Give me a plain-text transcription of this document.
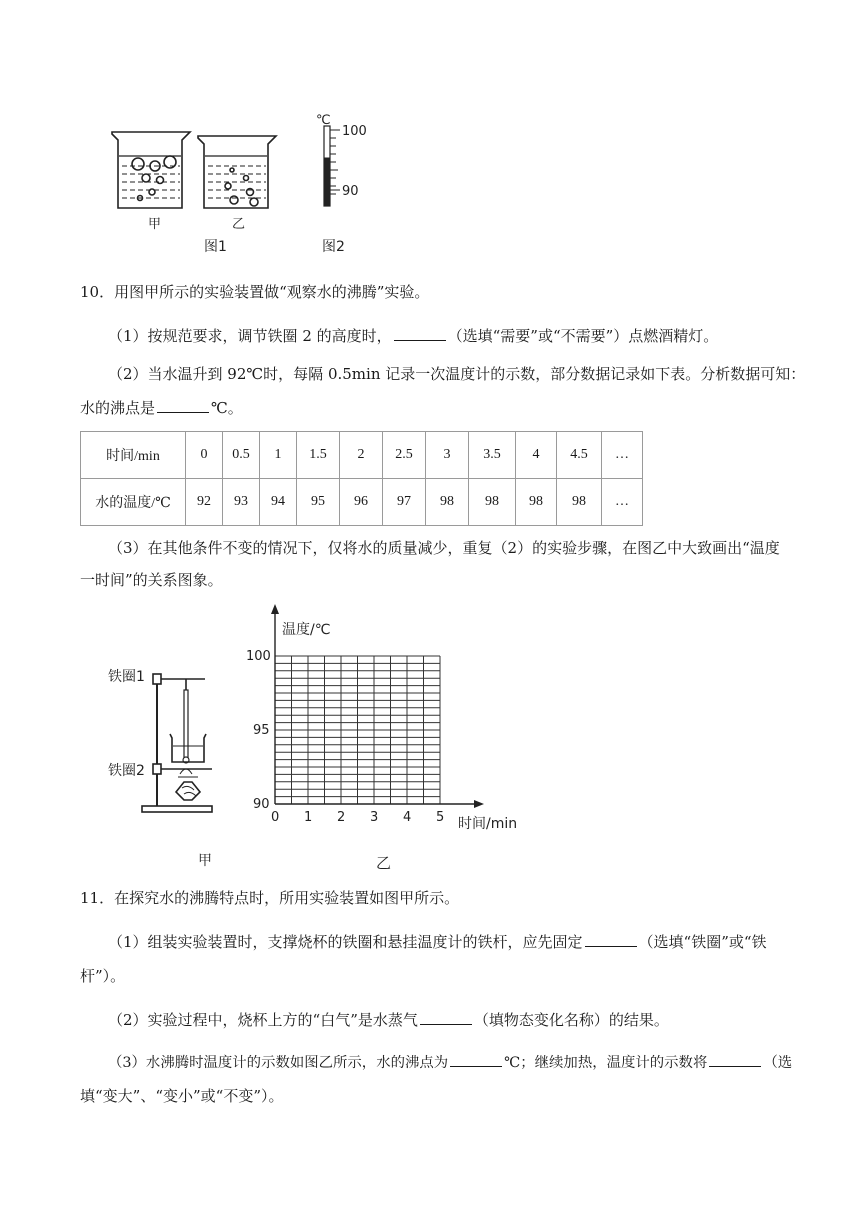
℃
100
90
甲	乙
图1	图2
10．用图甲所示的实验装置做“观察水的沸腾”实验。
（1）按规范要求，调节铁圈 2 的高度时，	（选填“需要”或“不需要”）点燃酒精灯。
（2）当水温升到 92℃时，每隔 0.5min 记录一次温度计的示数，部分数据记录如下表。分析数据可知：
水的沸点是	℃。
时间/min	0	0.5	1	1.5	2	2.5	3	3.5	4	4.5	…
水的温度/℃	92	93	94	95	96	97	98	98	98	98	…
（3）在其他条件不变的情况下，仅将水的质量减少，重复（2）的实验步骤，在图乙中大致画出“温度
一时间”的关系图象。
铁圈1
铁圈2
甲
温度/℃
时间/min
100
95
90
0 1 2 3 4 5
乙
11．在探究水的沸腾特点时，所用实验装置如图甲所示。
（1）组装实验装置时，支撑烧杯的铁圈和悬挂温度计的铁杆，应先固定	（选填“铁圈”或“铁
杆”）。
（2）实验过程中，烧杯上方的“白气”是水蒸气	（填物态变化名称）的结果。
（3）水沸腾时温度计的示数如图乙所示，水的沸点为	℃；继续加热，温度计的示数将	（选
填“变大”、“变小”或“不变”）。
